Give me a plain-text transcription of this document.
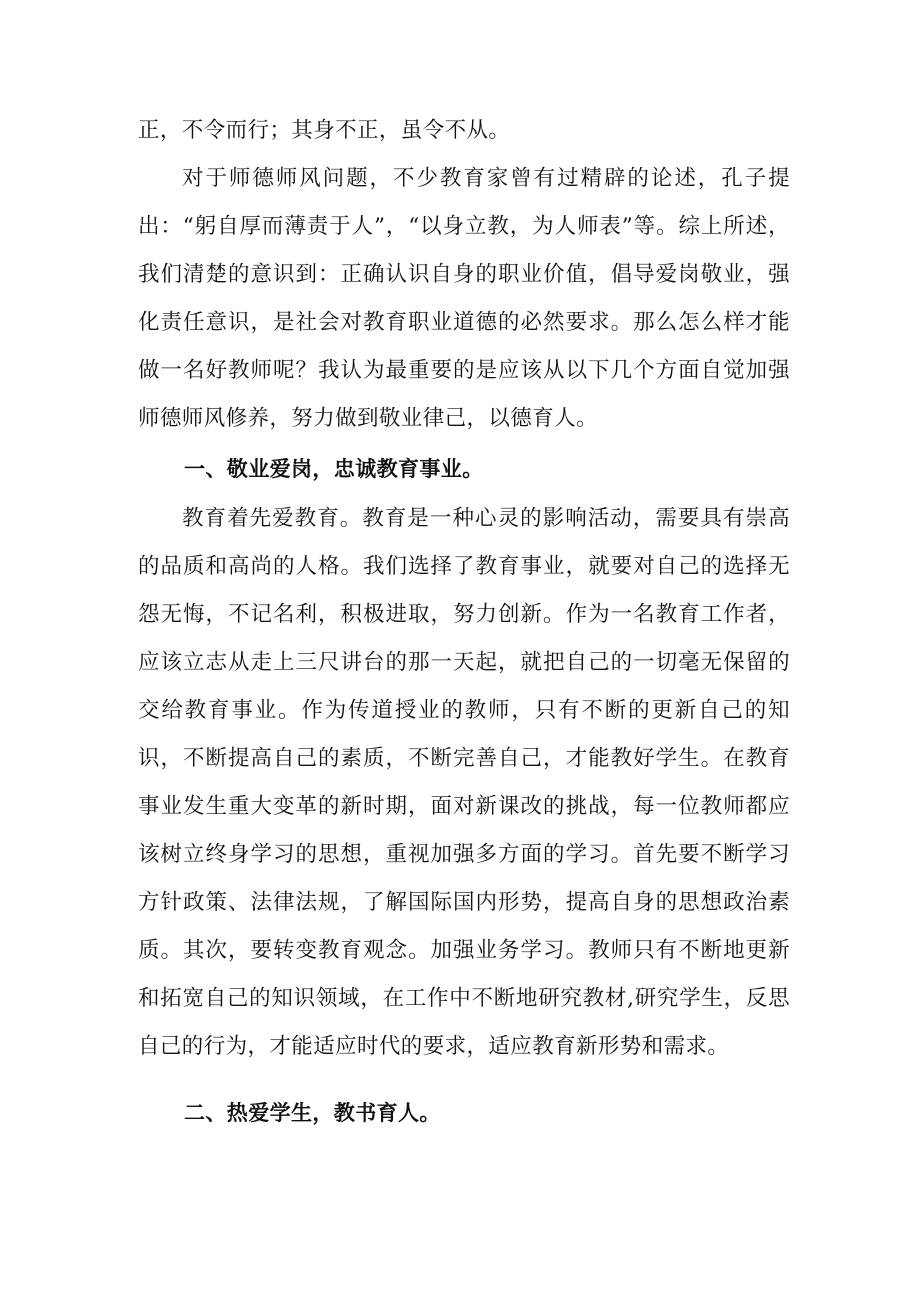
正，不令而行；其身不正，虽令不从。

对于师德师风问题，不少教育家曾有过精辟的论述，孔子提出：“躬自厚而薄责于人”，“以身立教，为人师表”等。综上所述，我们清楚的意识到：正确认识自身的职业价值，倡导爱岗敬业，强化责任意识，是社会对教育职业道德的必然要求。那么怎么样才能做一名好教师呢？我认为最重要的是应该从以下几个方面自觉加强师德师风修养，努力做到敬业律己，以德育人。

一、敬业爱岗，忠诚教育事业。

教育着先爱教育。教育是一种心灵的影响活动，需要具有崇高的品质和高尚的人格。我们选择了教育事业，就要对自己的选择无怨无悔，不记名利，积极进取，努力创新。作为一名教育工作者，应该立志从走上三尺讲台的那一天起，就把自己的一切毫无保留的交给教育事业。作为传道授业的教师，只有不断的更新自己的知识，不断提高自己的素质，不断完善自己，才能教好学生。在教育事业发生重大变革的新时期，面对新课改的挑战，每一位教师都应该树立终身学习的思想，重视加强多方面的学习。首先要不断学习方针政策、法律法规，了解国际国内形势，提高自身的思想政治素质。其次，要转变教育观念。加强业务学习。教师只有不断地更新和拓宽自己的知识领域，在工作中不断地研究教材,研究学生，反思自己的行为，才能适应时代的要求，适应教育新形势和需求。

二、热爱学生，教书育人。
